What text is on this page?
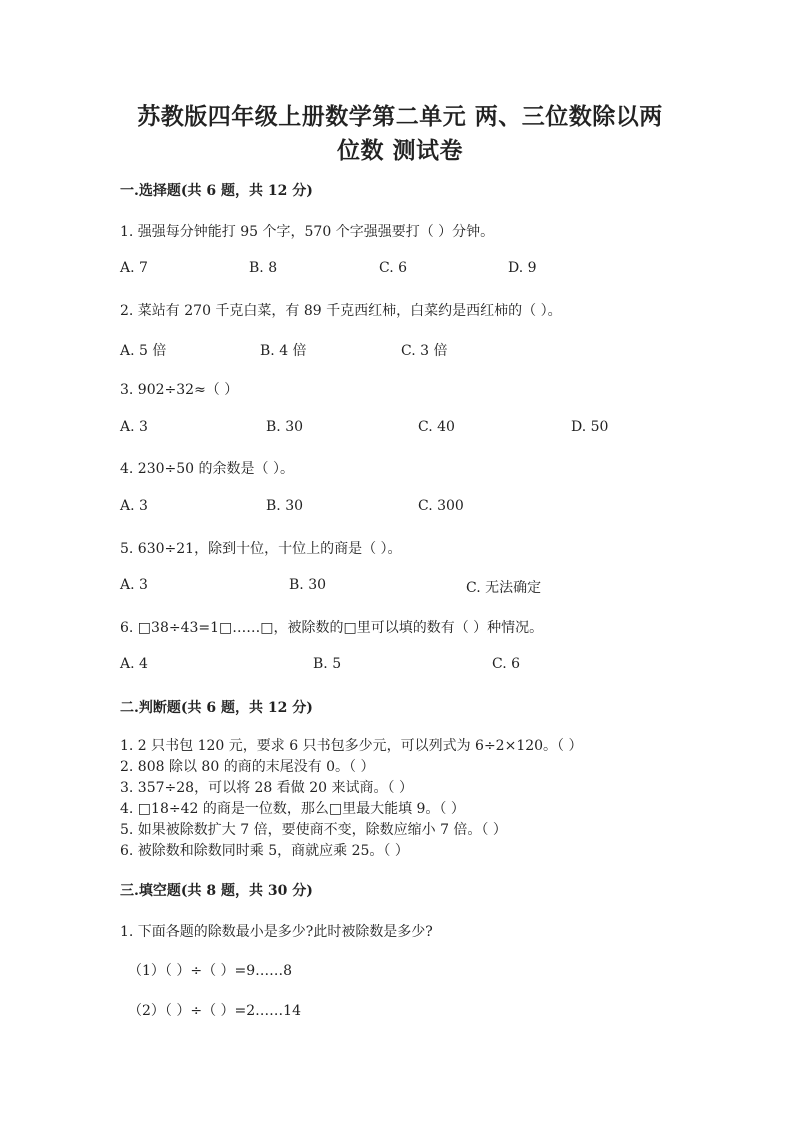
苏教版四年级上册数学第二单元 两、三位数除以两
位数 测试卷
一.选择题(共 6 题，共 12 分)
1. 强强每分钟能打 95 个字，570 个字强强要打（ ）分钟。
A. 7	B. 8	C. 6	D. 9
2. 菜站有 270 千克白菜，有 89 千克西红柿，白菜约是西红柿的（ ）。
A. 5 倍	B. 4 倍	C. 3 倍
3. 902÷32≈（ ）
A. 3	B. 30	C. 40	D. 50
4. 230÷50 的余数是（ ）。
A. 3	B. 30	C. 300
5. 630÷21，除到十位，十位上的商是（ ）。
A. 3	B. 30	C. 无法确定
6. □38÷43=1□……□，被除数的□里可以填的数有（ ）种情况。
A. 4	B. 5	C. 6
二.判断题(共 6 题，共 12 分)
1. 2 只书包 120 元，要求 6 只书包多少元，可以列式为 6÷2×120。（ ）
2. 808 除以 80 的商的末尾没有 0。（ ）
3. 357÷28，可以将 28 看做 20 来试商。（ ）
4. □18÷42 的商是一位数，那么□里最大能填 9。（ ）
5. 如果被除数扩大 7 倍，要使商不变，除数应缩小 7 倍。（ ）
6. 被除数和除数同时乘 5，商就应乘 25。（ ）
三.填空题(共 8 题，共 30 分)
1. 下面各题的除数最小是多少?此时被除数是多少?
（1）（ ）÷（ ）=9……8
（2）（ ）÷（ ）=2……14
